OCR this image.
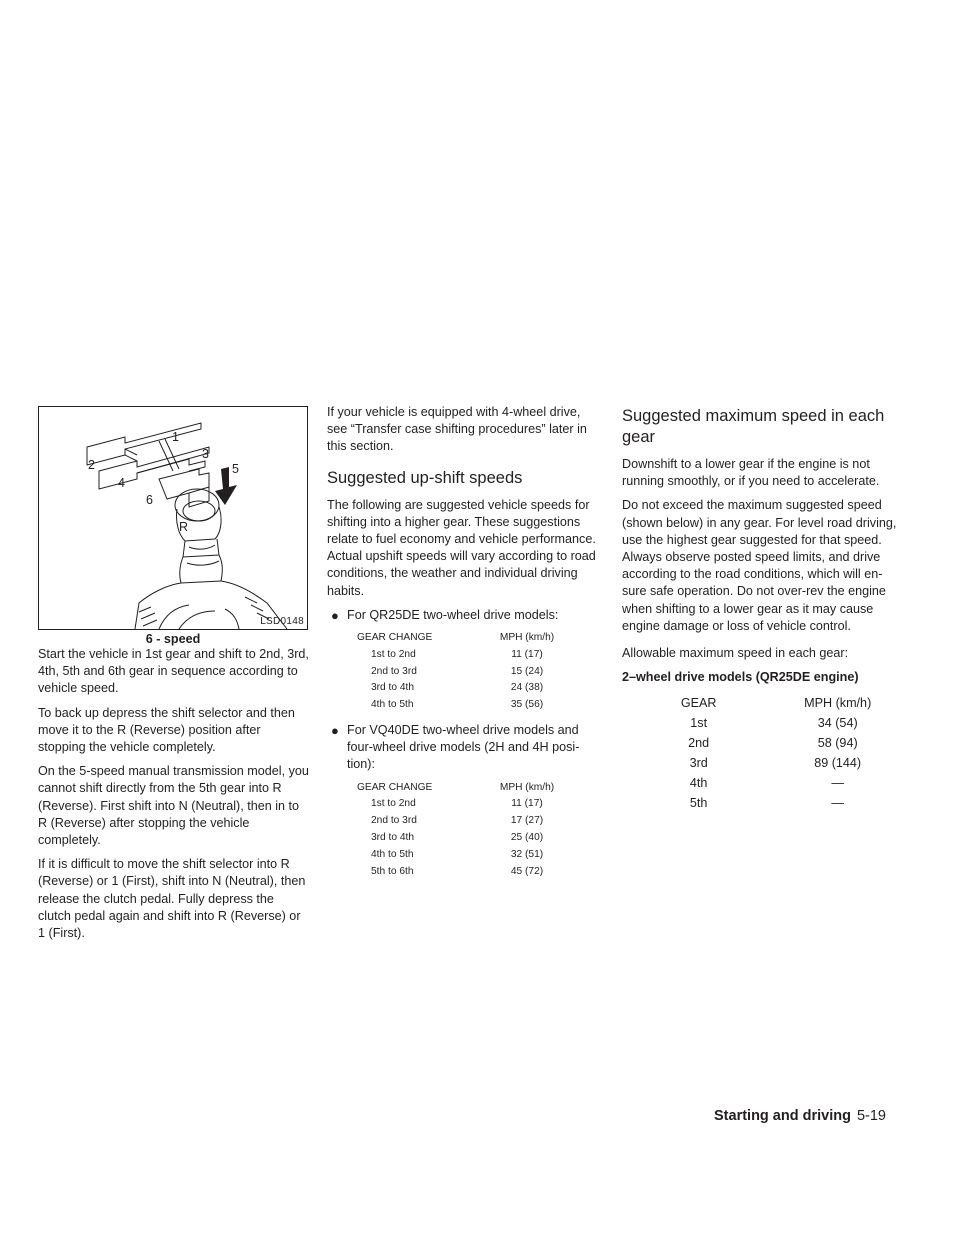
1
2
3
4
5
6
R
LSD0148
6 - speed

Start the vehicle in 1st gear and shift to 2nd, 3rd, 4th, 5th and 6th gear in sequence according to vehicle speed.

To back up depress the shift selector and then move it to the R (Reverse) position after stopping the vehicle completely.

On the 5-speed manual transmission model, you cannot shift directly from the 5th gear into R (Reverse). First shift into N (Neutral), then in to R (Reverse) after stopping the vehicle completely.

If it is difficult to move the shift selector into R (Reverse) or 1 (First), shift into N (Neutral), then release the clutch pedal. Fully depress the clutch pedal again and shift into R (Reverse) or 1 (First).

If your vehicle is equipped with 4-wheel drive, see “Transfer case shifting procedures” later in this section.

Suggested up-shift speeds

The following are suggested vehicle speeds for shifting into a higher gear. These suggestions relate to fuel economy and vehicle performance. Actual upshift speeds will vary according to road conditions, the weather and individual driving habits.

● For QR25DE two-wheel drive models:
GEAR CHANGE	MPH (km/h)
1st to 2nd	11 (17)
2nd to 3rd	15 (24)
3rd to 4th	24 (38)
4th to 5th	35 (56)
● For VQ40DE two-wheel drive models and four-wheel drive models (2H and 4H posi- tion):
GEAR CHANGE	MPH (km/h)
1st to 2nd	11 (17)
2nd to 3rd	17 (27)
3rd to 4th	25 (40)
4th to 5th	32 (51)
5th to 6th	45 (72)
Suggested maximum speed in each gear

Downshift to a lower gear if the engine is not running smoothly, or if you need to accelerate.

Do not exceed the maximum suggested speed (shown below) in any gear. For level road driving, use the highest gear suggested for that speed. Always observe posted speed limits, and drive according to the road conditions, which will en- sure safe operation. Do not over-rev the engine when shifting to a lower gear as it may cause engine damage or loss of vehicle control.

Allowable maximum speed in each gear:

2–wheel drive models (QR25DE engine)

GEAR	MPH (km/h)
1st	34 (54)
2nd	58 (94)
3rd	89 (144)
4th	—
5th	—
Starting and driving 5-19
